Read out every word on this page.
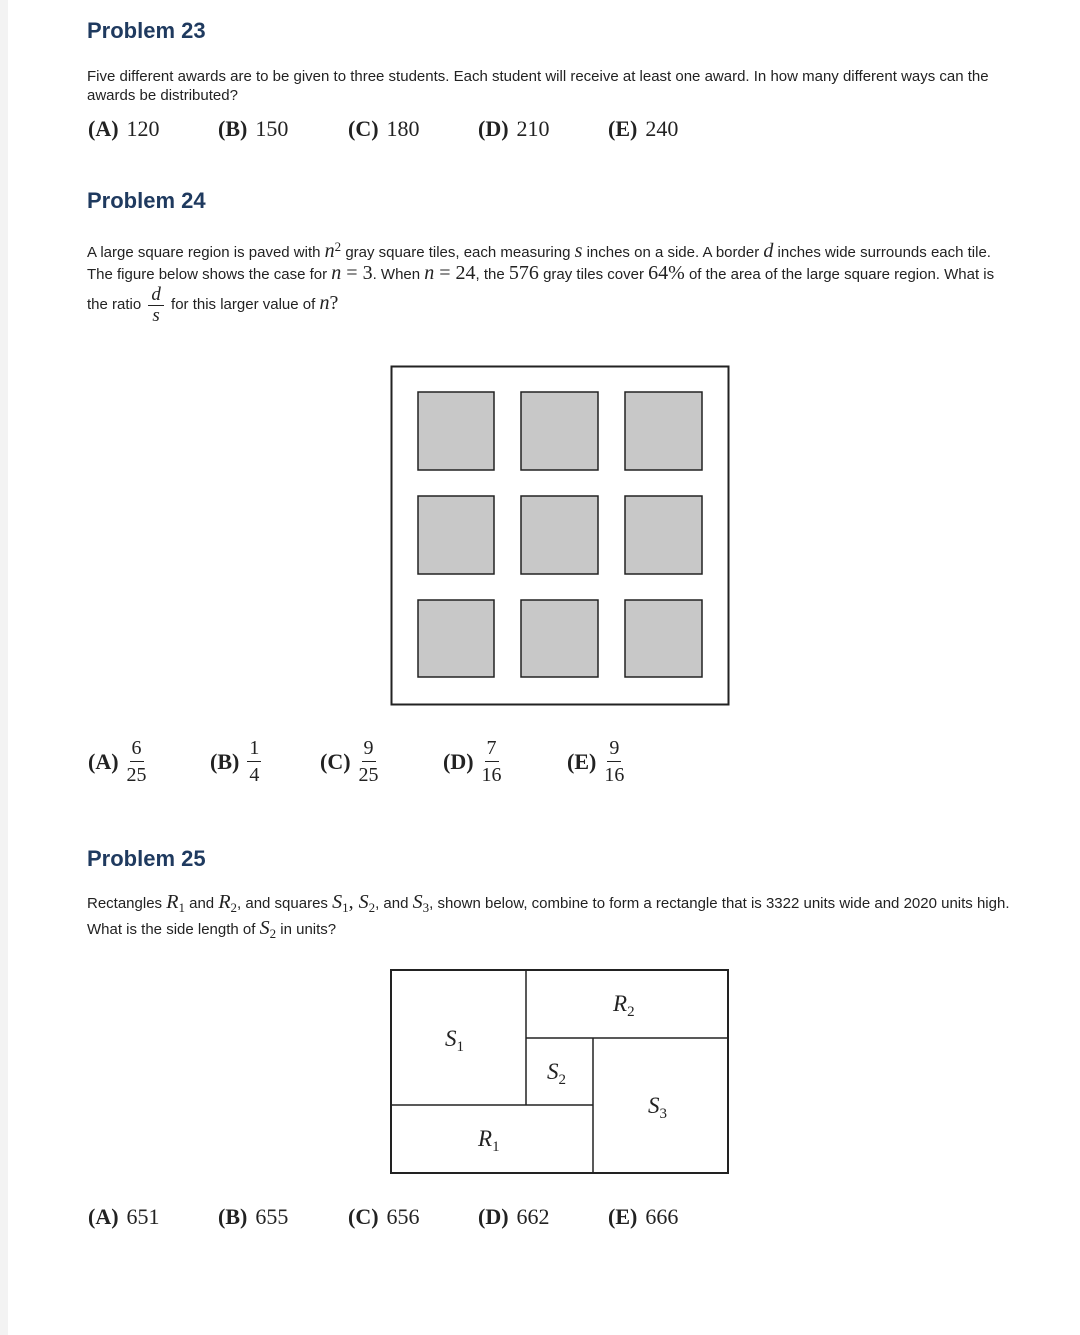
Problem 23

Five different awards are to be given to three students. Each student will receive at least one award. In how many different ways can the awards be distributed?

(A) 120	(B) 150	(C) 180	(D) 210	(E) 240
Problem 24
A large square region is paved with $n^2$ gray square tiles, each measuring s inches on a side. A border d inches wide surrounds each tile. The figure below shows the case for n = 3. When n = 24, the 576 gray tiles cover 64% of the area of the large square region. What is the ratio $\frac{d}{s}$ for this larger value of n?
$(A) \frac{6}{25}$	$(B) \frac{1}{4}$	$(C) \frac{9}{25}$	$(D) \frac{7}{16}$	$(E) \frac{9}{16}$
Problem 25
Rectangles $R_1$ and $R_2$, and squares $S_1$, $S_2$, and $S_3$, shown below, combine to form a rectangle that is 3322 units wide and 2020 units high. What is the side length of $S_2$ in units?
$S_1$
$S_2$
$S_3$
$R_1$
$R_2$
(A) 651	(B) 655	(C) 656	(D) 662	(E) 666
